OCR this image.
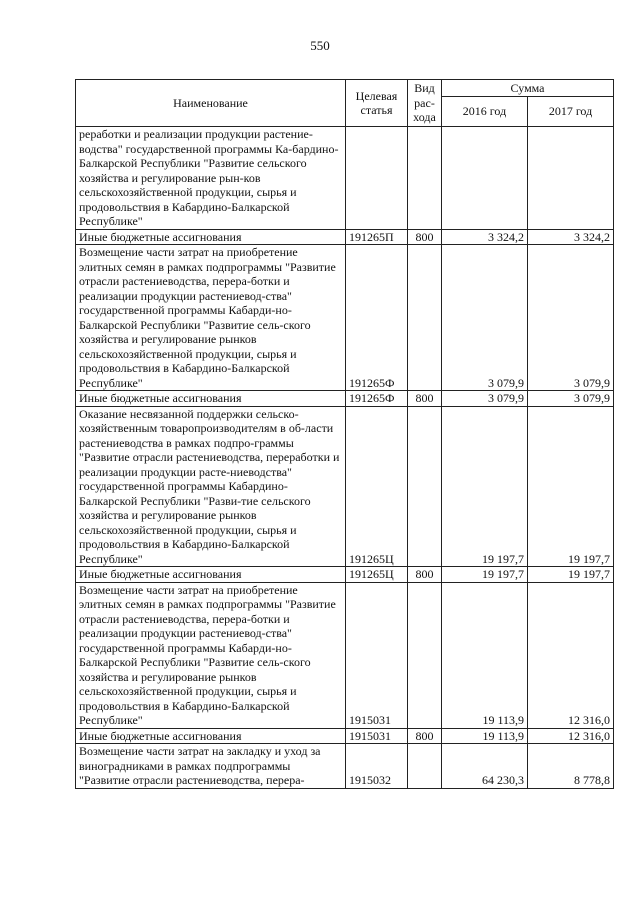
550
Наименование	Целевая статья	Вид рас-хода	Сумма	
			2016 год	2017 год
реработки и реализации продукции растение-водства" государственной программы Ка-бардино-Балкарской Республики "Развитие сельского хозяйства и регулирование рын-ков сельскохозяйственной продукции, сырья и продовольствия в Кабардино-Балкарской Республике"				
Иные бюджетные ассигнования	191265П	800	3 324,2	3 324,2
Возмещение части затрат на приобретение элитных семян в рамках подпрограммы "Развитие отрасли растениеводства, перера-ботки и реализации продукции растениевод-ства" государственной программы Кабарди-но-Балкарской Республики "Развитие сель-ского хозяйства и регулирование рынков сельскохозяйственной продукции, сырья и продовольствия в Кабардино-Балкарской Республике"	191265Ф		3 079,9	3 079,9
Иные бюджетные ассигнования	191265Ф	800	3 079,9	3 079,9
Оказание несвязанной поддержки сельско-хозяйственным товаропроизводителям в об-ласти растениеводства в рамках подпро-граммы "Развитие отрасли растениеводства, переработки и реализации продукции расте-ниеводства" государственной программы Кабардино-Балкарской Республики "Разви-тие сельского хозяйства и регулирование рынков сельскохозяйственной продукции, сырья и продовольствия в Кабардино-Балкарской Республике"	191265Ц		19 197,7	19 197,7
Иные бюджетные ассигнования	191265Ц	800	19 197,7	19 197,7
Возмещение части затрат на приобретение элитных семян в рамках подпрограммы "Развитие отрасли растениеводства, перера-ботки и реализации продукции растениевод-ства" государственной программы Кабарди-но-Балкарской Республики "Развитие сель-ского хозяйства и регулирование рынков сельскохозяйственной продукции, сырья и продовольствия в Кабардино-Балкарской Республике"	1915031		19 113,9	12 316,0
Иные бюджетные ассигнования	1915031	800	19 113,9	12 316,0
Возмещение части затрат на закладку и уход за виноградниками в рамках подпрограммы "Развитие отрасли растениеводства, перера-	1915032		64 230,3	8 778,8
